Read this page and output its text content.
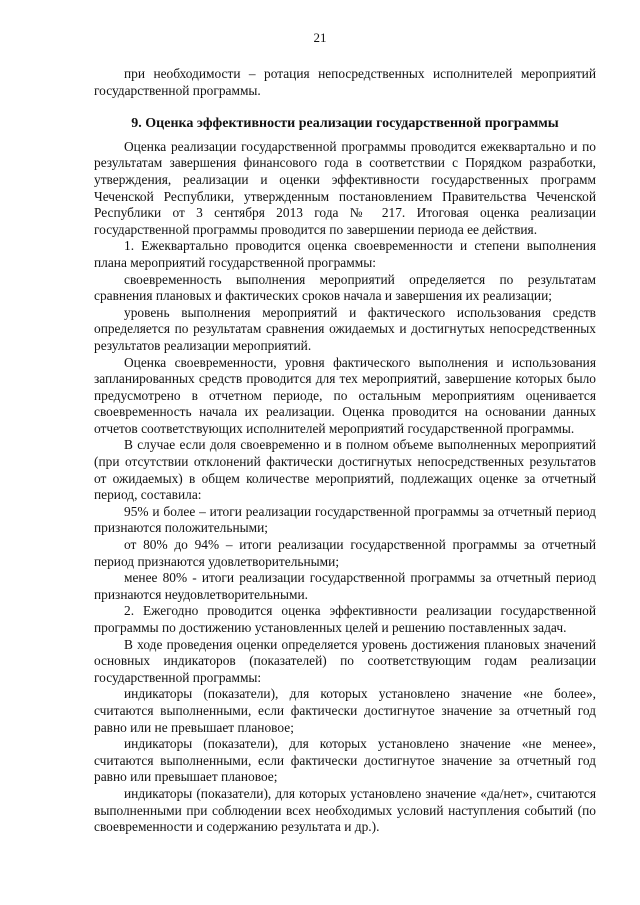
21

при необходимости – ротация непосредственных исполнителей мероприятий государственной программы.

9. Оценка эффективности реализации государственной программы

Оценка реализации государственной программы проводится ежеквартально и по результатам завершения финансового года в соответствии с Порядком разработки, утверждения, реализации и оценки эффективности государственных программ Чеченской Республики, утвержденным постановлением Правительства Чеченской Республики от 3 сентября 2013 года № 217. Итоговая оценка реализации государственной программы проводится по завершении периода ее действия.

1. Ежеквартально проводится оценка своевременности и степени выполнения плана мероприятий государственной программы:

своевременность выполнения мероприятий определяется по результатам сравнения плановых и фактических сроков начала и завершения их реализации;

уровень выполнения мероприятий и фактического использования средств определяется по результатам сравнения ожидаемых и достигнутых непосредственных результатов реализации мероприятий.

Оценка своевременности, уровня фактического выполнения и использования запланированных средств проводится для тех мероприятий, завершение которых было предусмотрено в отчетном периоде, по остальным мероприятиям оценивается своевременность начала их реализации. Оценка проводится на основании данных отчетов соответствующих исполнителей мероприятий государственной программы.

В случае если доля своевременно и в полном объеме выполненных мероприятий (при отсутствии отклонений фактически достигнутых непосредственных результатов от ожидаемых) в общем количестве мероприятий, подлежащих оценке за отчетный период, составила:

95% и более – итоги реализации государственной программы за отчетный период признаются положительными;

от 80% до 94% – итоги реализации государственной программы за отчетный период признаются удовлетворительными;

менее 80% - итоги реализации государственной программы за отчетный период признаются неудовлетворительными.

2. Ежегодно проводится оценка эффективности реализации государственной программы по достижению установленных целей и решению поставленных задач.

В ходе проведения оценки определяется уровень достижения плановых значений основных индикаторов (показателей) по соответствующим годам реализации государственной программы:

индикаторы (показатели), для которых установлено значение «не более», считаются выполненными, если фактически достигнутое значение за отчетный год равно или не превышает плановое;

индикаторы (показатели), для которых установлено значение «не менее», считаются выполненными, если фактически достигнутое значение за отчетный год равно или превышает плановое;

индикаторы (показатели), для которых установлено значение «да/нет», считаются выполненными при соблюдении всех необходимых условий наступления событий (по своевременности и содержанию результата и др.).
